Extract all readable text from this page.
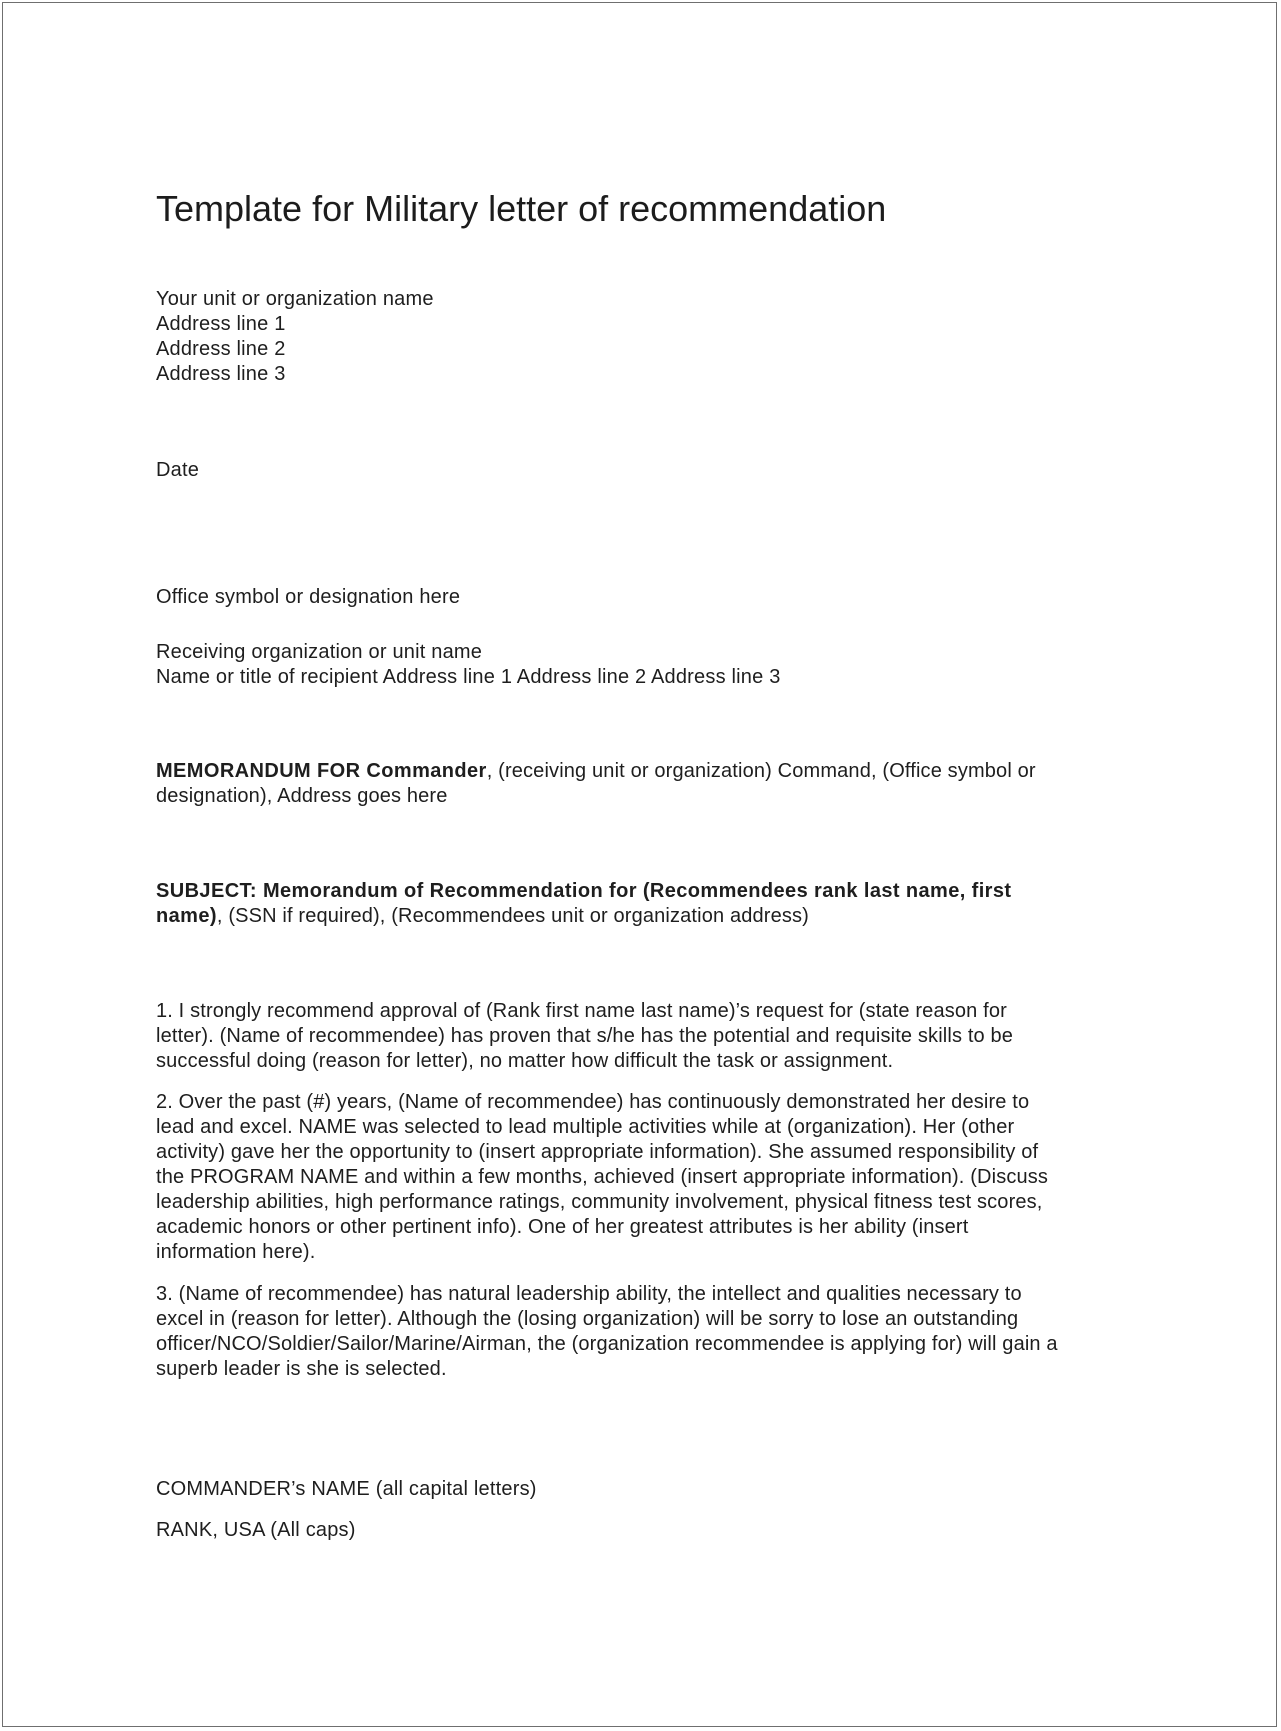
Template for Military letter of recommendation
Your unit or organization name
Address line 1
Address line 2
Address line 3
Date
Office symbol or designation here
Receiving organization or unit name
Name or title of recipient Address line 1 Address line 2 Address line 3
MEMORANDUM FOR Commander, (receiving unit or organization) Command, (Office symbol or
designation), Address goes here
SUBJECT: Memorandum of Recommendation for (Recommendees rank last name, first
name), (SSN if required), (Recommendees unit or organization address)
1. I strongly recommend approval of (Rank first name last name)’s request for (state reason for
letter). (Name of recommendee) has proven that s/he has the potential and requisite skills to be
successful doing (reason for letter), no matter how difficult the task or assignment.
2. Over the past (#) years, (Name of recommendee) has continuously demonstrated her desire to
lead and excel. NAME was selected to lead multiple activities while at (organization). Her (other
activity) gave her the opportunity to (insert appropriate information). She assumed responsibility of
the PROGRAM NAME and within a few months, achieved (insert appropriate information). (Discuss
leadership abilities, high performance ratings, community involvement, physical fitness test scores,
academic honors or other pertinent info). One of her greatest attributes is her ability (insert
information here).
3. (Name of recommendee) has natural leadership ability, the intellect and qualities necessary to
excel in (reason for letter). Although the (losing organization) will be sorry to lose an outstanding
officer/NCO/Soldier/Sailor/Marine/Airman, the (organization recommendee is applying for) will gain a
superb leader is she is selected.
COMMANDER’s NAME (all capital letters)
RANK, USA (All caps)
